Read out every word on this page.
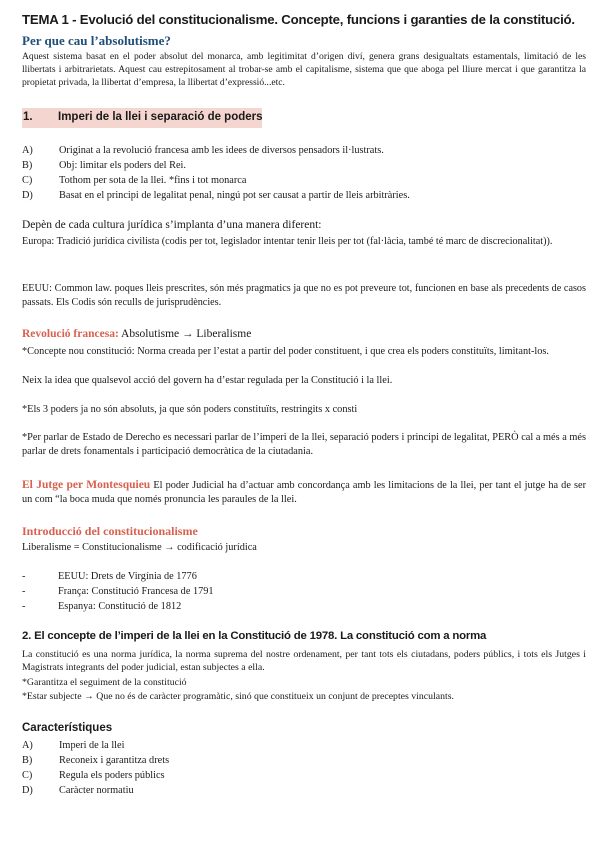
TEMA 1 - Evolució del constitucionalisme. Concepte, funcions i garanties de la constitució.
Per que cau l’absolutisme?

Aquest sistema basat en el poder absolut del monarca, amb legitimitat d’origen diví, genera grans desigualtats estamentals, limitació de les llibertats i arbitrarietats. Aquest cau estrepitosament al trobar-se amb el capitalisme, sistema que que aboga pel lliure mercat i que garantitza la propietat privada, la llibertat d’empresa, la llibertat d’expressió...etc.

1. Imperi de la llei i separació de poders
A)	Originat a la revolució francesa amb les idees de diversos pensadors il·lustrats.
B)	Obj: limitar els poders del Rei.
C)	Tothom per sota de la llei. *fins i tot monarca
D)	Basat en el principi de legalitat penal, ningú pot ser causat a partir de lleis arbitràries.

Depèn de cada cultura jurídica s’implanta d’una manera diferent:

Europa: Tradició jurídica civilista (codis per tot, legislador intentar tenir lleis per tot (fal·làcia, també té marc de discrecionalitat)).

EEUU: Common law. poques lleis prescrites, són més pragmatics ja que no es pot preveure tot, funcionen en base als precedents de casos passats. Els Codis són reculls de jurisprudències.

Revolució francesa: Absolutisme → Liberalisme

*Concepte nou constitució: Norma creada per l’estat a partir del poder constituent, i que crea els poders constituïts, limitant-los.

Neix la idea que qualsevol acció del govern ha d’estar regulada per la Constitució i la llei.

*Els 3 poders ja no són absoluts, ja que són poders constituïts, restringits x consti

*Per parlar de Estado de Derecho es necessari parlar de l’imperi de la llei, separació poders i principi de legalitat, PERÒ cal a més a més parlar de drets fonamentals i participació democràtica de la ciutadania.

El Jutge per Montesquieu El poder Judicial ha d’actuar amb concordança amb les limitacions de la llei, per tant el jutge ha de ser un com “la boca muda que només pronuncia les paraules de la llei.

Introducció del constitucionalisme

Liberalisme = Constitucionalisme → codificació jurídica

-	EEUU: Drets de Virgínia de 1776
-	França: Constitució Francesa de 1791
-	Espanya: Constitució de 1812
2. El concepte de l’imperi de la llei en la Constitució de 1978. La constitució com a norma

La constitució es una norma jurídica, la norma suprema del nostre ordenament, per tant tots els ciutadans, poders públics, i tots els Jutges i Magistrats integrants del poder judicial, estan subjectes a ella.

*Garantitza el seguiment de la constitució

*Estar subjecte → Que no és de caràcter programàtic, sinó que constitueix un conjunt de preceptes vinculants.

Característiques
A)	Imperi de la llei
B)	Reconeix i garantitza drets
C)	Regula els poders públics
D)	Caràcter normatiu
